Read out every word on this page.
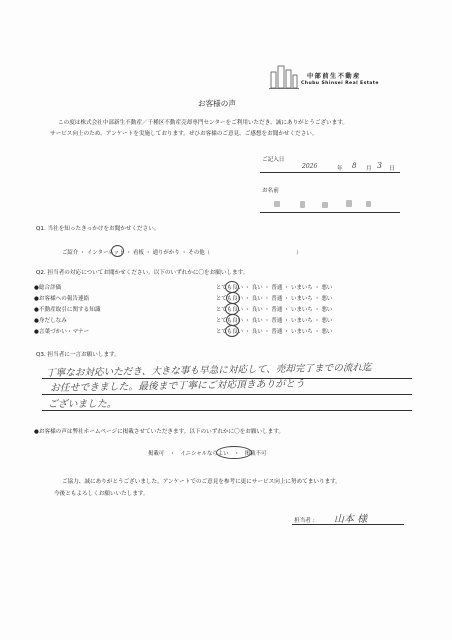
中部前生不動産
Chubu Shinsei Real Estate
お客様の声
この度は株式会社中部新生不動産／千種区不動産売却専門センターをご利用いただき、誠にありがとうございます。
サービス向上のため、アンケートを実施しております。ぜひお客様のご意見、ご感想をお聞かせください。
ご記入日
2026	年 8 月 3 日
お名前
Q1. 当社を知ったきっかけをお聞かせください。
ご紹介 ・ インターネット ・ 看板 ・ 通りがかり ・ その他（　　　　　　　　　　　　　　　　）
Q2. 担当者の対応についてお聞かせください。以下のいずれかに〇をお願いします。
●総合評価	とても良い ・ 良い ・ 普通 ・ いまいち ・ 悪い
●お客様への報告連絡	とても良い ・ 良い ・ 普通 ・ いまいち ・ 悪い
●不動産取引に関する知識	とても良い ・ 良い ・ 普通 ・ いまいち ・ 悪い
●身だしなみ	とても良い ・ 良い ・ 普通 ・ いまいち ・ 悪い
●言葉づかい・マナー	とても良い ・ 良い ・ 普通 ・ いまいち ・ 悪い
Q3. 担当者に一言お願いします。
丁寧なお対応いただき、大きな事も早急に対応して、売却完了までの流れ迄
お任せできました。最後まで丁寧にご対応頂きありがとう
ございました。
●お客様の声は弊社ホームページに掲載させていただきます。以下のいずれかに〇をお願いします。
掲載可　・　イニシャルならよい　・　掲載不可
ご協力、誠にありがとうございました。アンケートでのご意見を参考に更にサービス向上に努めてまいります。
今後ともよろしくお願いいたします。
担当者 ： 山本 様
